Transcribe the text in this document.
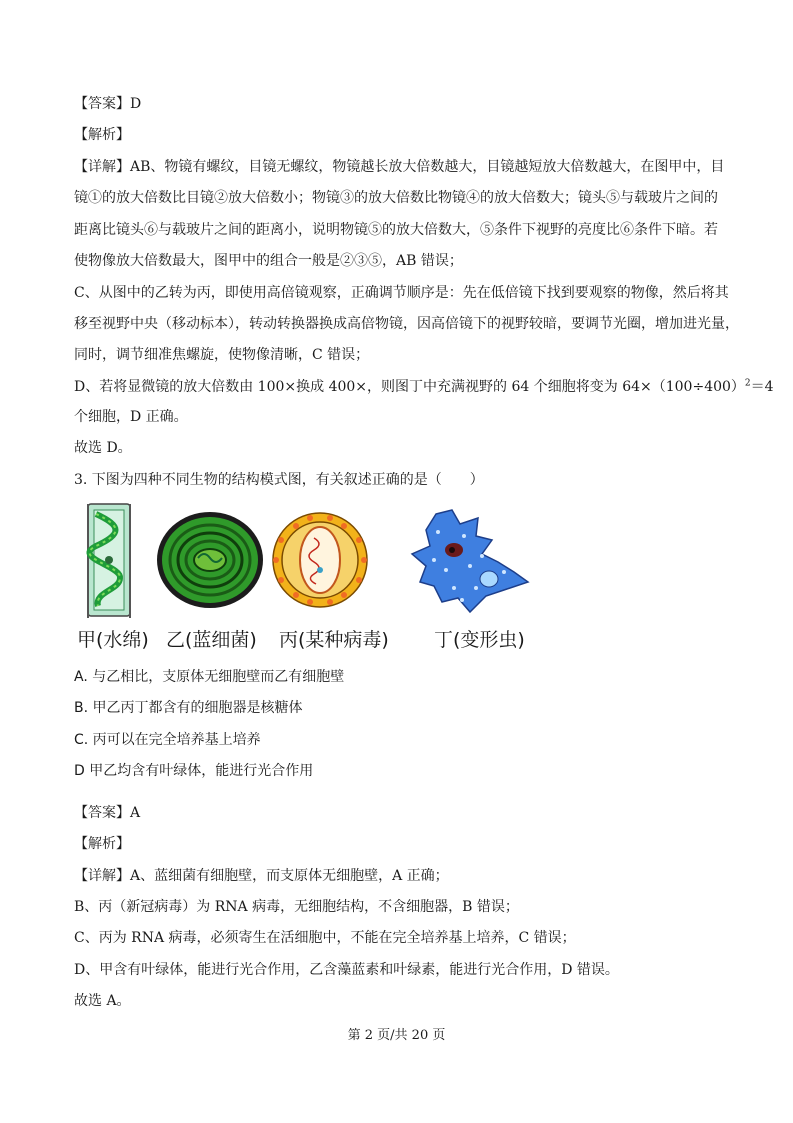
【答案】D
【解析】
【详解】AB、物镜有螺纹，目镜无螺纹，物镜越长放大倍数越大，目镜越短放大倍数越大，在图甲中，目
镜①的放大倍数比目镜②放大倍数小；物镜③的放大倍数比物镜④的放大倍数大；镜头⑤与载玻片之间的
距离比镜头⑥与载玻片之间的距离小，说明物镜⑤的放大倍数大，⑤条件下视野的亮度比⑥条件下暗。若
使物像放大倍数最大，图甲中的组合一般是②③⑤，AB 错误；
C、从图中的乙转为丙，即使用高倍镜观察，正确调节顺序是：先在低倍镜下找到要观察的物像，然后将其
移至视野中央（移动标本），转动转换器换成高倍物镜，因高倍镜下的视野较暗，要调节光圈，增加进光量，
同时，调节细准焦螺旋，使物像清晰，C 错误；
D、若将显微镜的放大倍数由 100×换成 400×，则图丁中充满视野的 64 个细胞将变为 $64\times(100\div 400)^2=4$
个细胞，D 正确。
故选 D。
3. 下图为四种不同生物的结构模式图，有关叙述正确的是（　　）
甲(水绵) 乙(蓝细菌) 丙(某种病毒) 丁(变形虫)
A. 与乙相比，支原体无细胞壁而乙有细胞壁
B. 甲乙丙丁都含有的细胞器是核糖体
C. 丙可以在完全培养基上培养
D 甲乙均含有叶绿体，能进行光合作用
【答案】A
【解析】
【详解】A、蓝细菌有细胞壁，而支原体无细胞壁，A 正确；
B、丙（新冠病毒）为 RNA 病毒，无细胞结构，不含细胞器，B 错误；
C、丙为 RNA 病毒，必须寄生在活细胞中，不能在完全培养基上培养，C 错误；
D、甲含有叶绿体，能进行光合作用，乙含藻蓝素和叶绿素，能进行光合作用，D 错误。
故选 A。
第 2 页/共 20 页
